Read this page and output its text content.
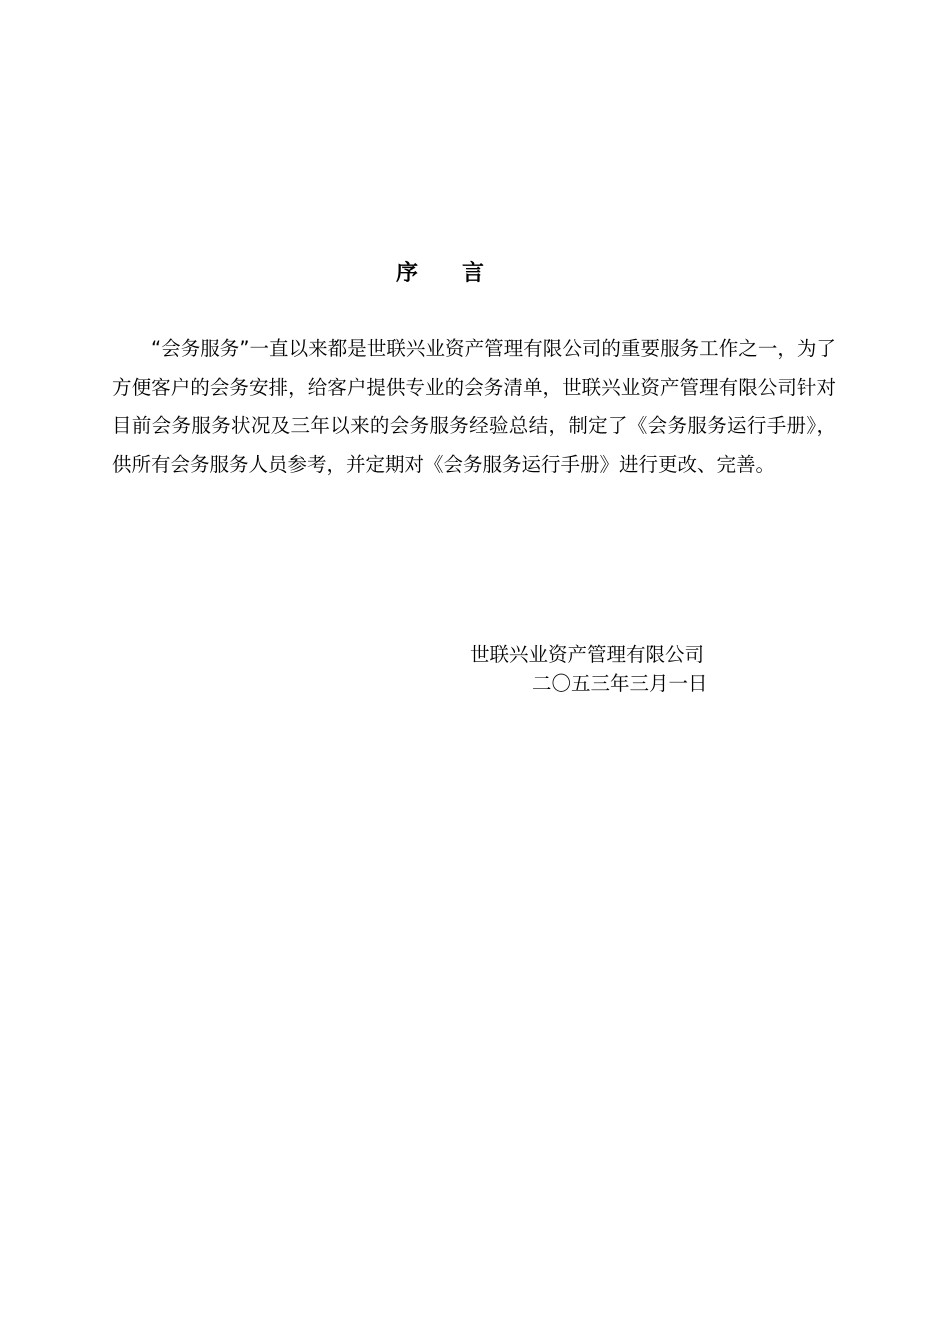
序 言

“会务服务”一直以来都是世联兴业资产管理有限公司的重要服务工作之一，为了方便客户的会务安排，给客户提供专业的会务清单，世联兴业资产管理有限公司针对目前会务服务状况及三年以来的会务服务经验总结，制定了《会务服务运行手册》，供所有会务服务人员参考，并定期对《会务服务运行手册》进行更改、完善。

世联兴业资产管理有限公司
二〇五三年三月一日
